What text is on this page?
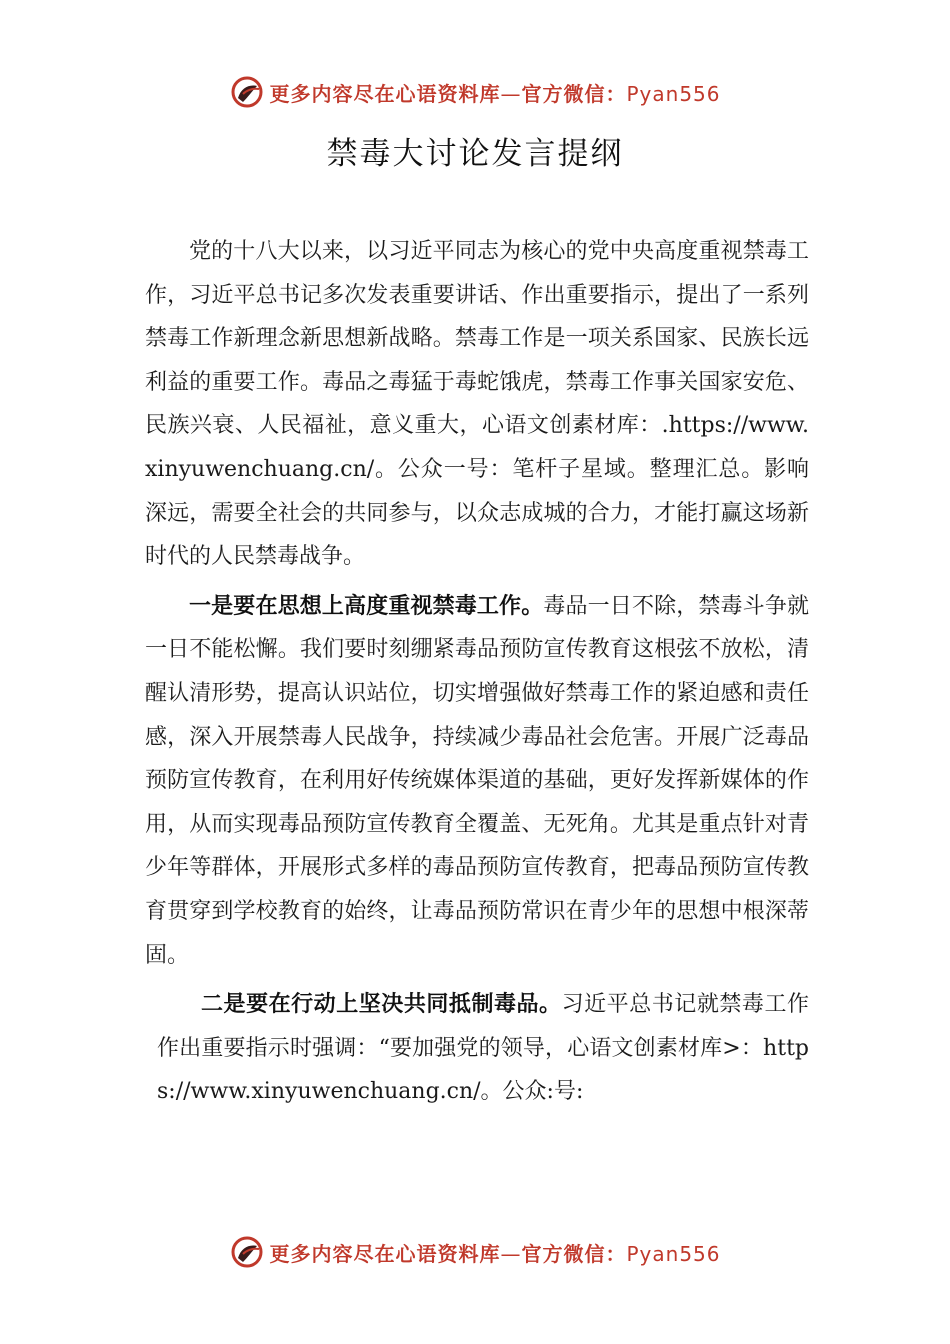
更多内容尽在心语资料库—官方微信：Pyan556
禁毒大讨论发言提纲

党的十八大以来，以习近平同志为核心的党中央高度重视禁毒工作，习近平总书记多次发表重要讲话、作出重要指示，提出了一系列禁毒工作新理念新思想新战略。禁毒工作是一项关系国家、民族长远利益的重要工作。毒品之毒猛于毒蛇饿虎，禁毒工作事关国家安危、民族兴衰、人民福祉，意义重大，心语文创素材库：.https://www.xinyuwenchuang.cn/。公众一号：笔杆子星域。整理汇总。影响深远，需要全社会的共同参与，以众志成城的合力，才能打赢这场新时代的人民禁毒战争。

一是要在思想上高度重视禁毒工作。毒品一日不除，禁毒斗争就一日不能松懈。我们要时刻绷紧毒品预防宣传教育这根弦不放松，清醒认清形势，提高认识站位，切实增强做好禁毒工作的紧迫感和责任感，深入开展禁毒人民战争，持续减少毒品社会危害。开展广泛毒品预防宣传教育，在利用好传统媒体渠道的基础，更好发挥新媒体的作用，从而实现毒品预防宣传教育全覆盖、无死角。尤其是重点针对青少年等群体，开展形式多样的毒品预防宣传教育，把毒品预防宣传教育贯穿到学校教育的始终，让毒品预防常识在青少年的思想中根深蒂固。

二是要在行动上坚决共同抵制毒品。习近平总书记就禁毒工作作出重要指示时强调：“要加强党的领导，心语文创素材库>：https://www.xinyuwenchuang.cn/。公众:号:

更多内容尽在心语资料库—官方微信：Pyan556
